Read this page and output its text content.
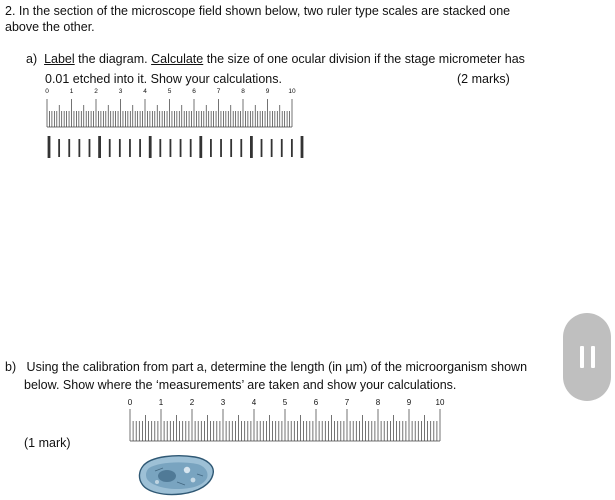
2. In the section of the microscope field shown below, two ruler type scales are stacked one
above the other.
a) Label the diagram. Calculate the size of one ocular division if the stage micrometer has
0.01 etched into it. Show your calculations.	(2 marks)
0	1	2	3	4	5	6	7	8	9	10
b) Using the calibration from part a, determine the length (in µm) of the microorganism shown
below. Show where the ‘measurements’ are taken and show your calculations.
0	1	2	3	4	5	6	7	8	9	10
(1 mark)
